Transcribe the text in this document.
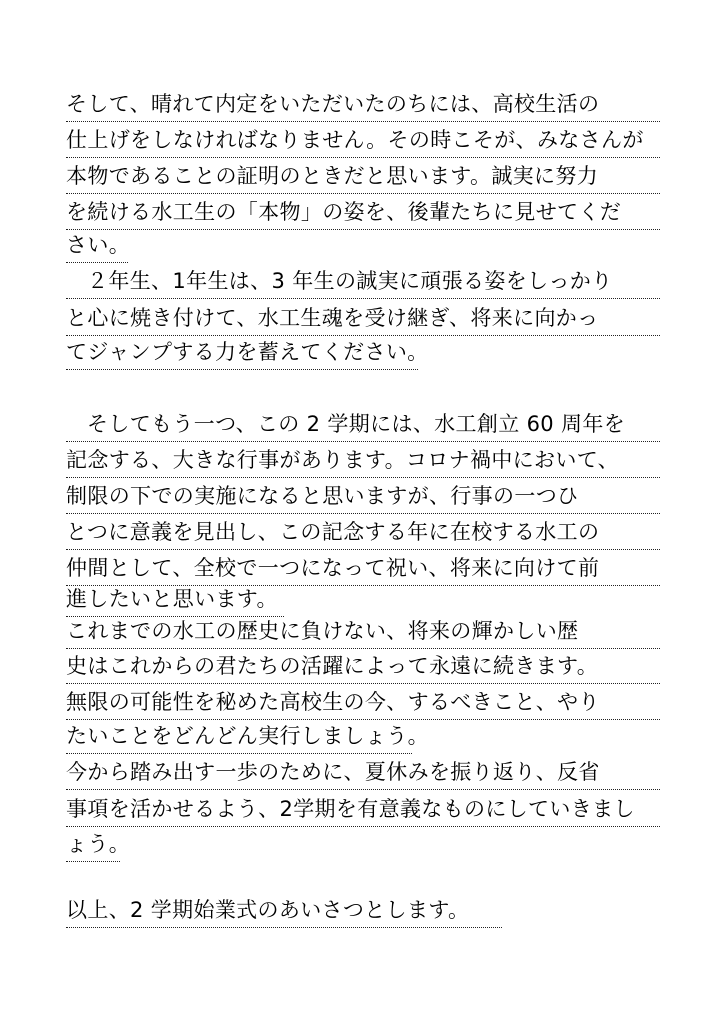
そして、晴れて内定をいただいたのちには、高校生活の
仕上げをしなければなりません。その時こそが、みなさんが
本物であることの証明のときだと思います。誠実に努力
を続ける水工生の「本物」の姿を、後輩たちに見せてくだ
さい。
２年生、1年生は、3 年生の誠実に頑張る姿をしっかり
と心に焼き付けて、水工生魂を受け継ぎ、将来に向かっ
てジャンプする力を蓄えてください。
そしてもう一つ、この 2 学期には、水工創立 60 周年を
記念する、大きな行事があります。コロナ禍中において、
制限の下での実施になると思いますが、行事の一つひ
とつに意義を見出し、この記念する年に在校する水工の
仲間として、全校で一つになって祝い、将来に向けて前
進したいと思います。
これまでの水工の歴史に負けない、将来の輝かしい歴
史はこれからの君たちの活躍によって永遠に続きます。
無限の可能性を秘めた高校生の今、するべきこと、やり
たいことをどんどん実行しましょう。
今から踏み出す一歩のために、夏休みを振り返り、反省
事項を活かせるよう、2学期を有意義なものにしていきまし
ょう。
以上、2 学期始業式のあいさつとします。
